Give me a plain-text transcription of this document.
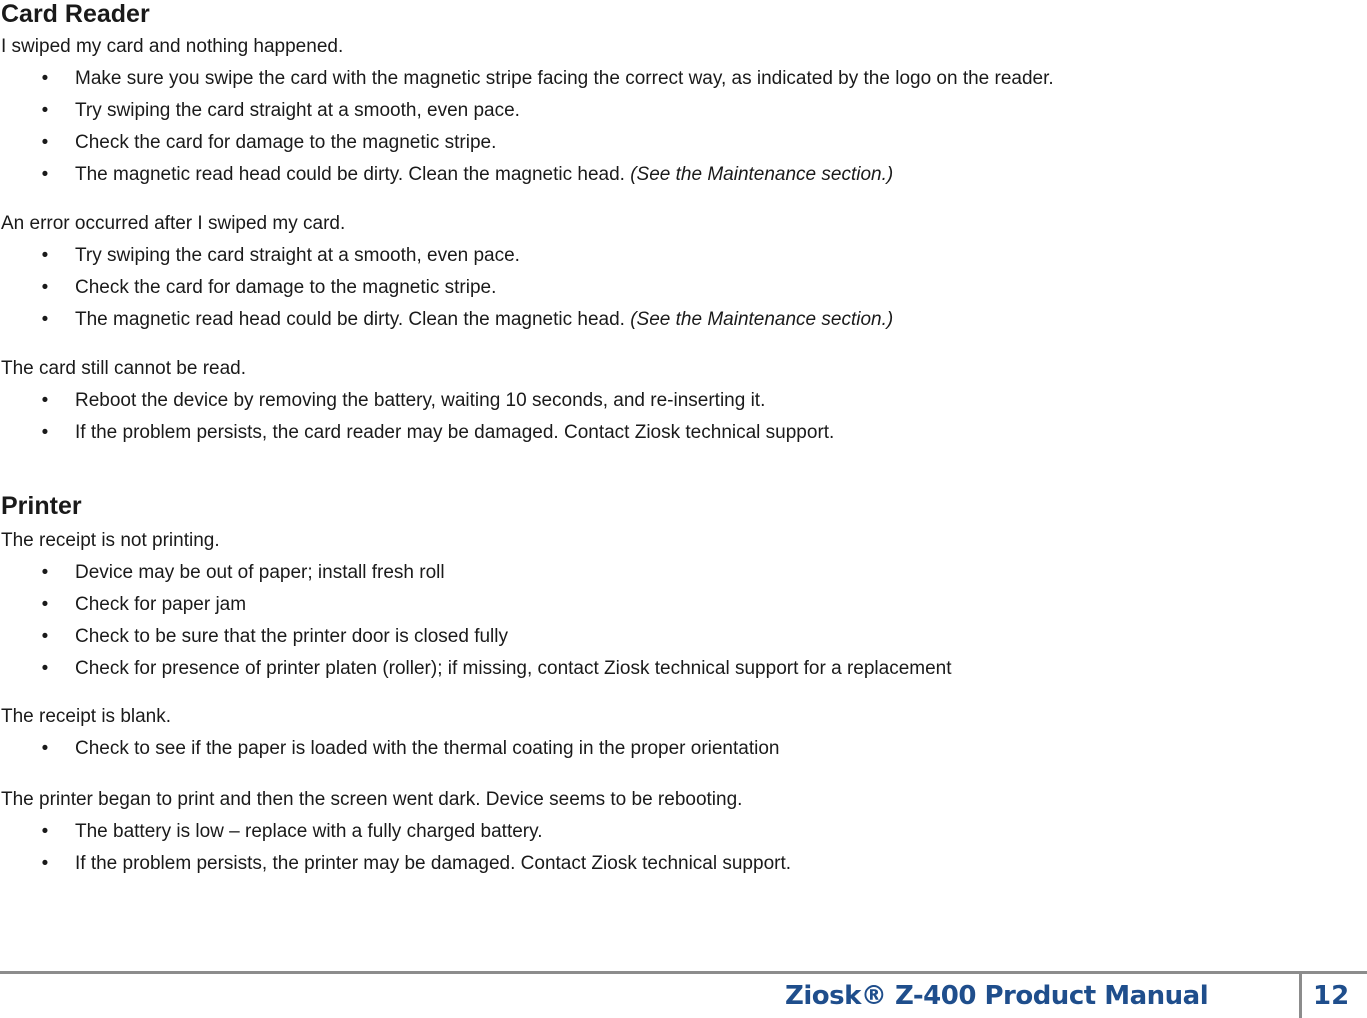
Card Reader

I swiped my card and nothing happened.

• Make sure you swipe the card with the magnetic stripe facing the correct way, as indicated by the logo on the reader.
• Try swiping the card straight at a smooth, even pace.
• Check the card for damage to the magnetic stripe.
• The magnetic read head could be dirty. Clean the magnetic head. (See the Maintenance section.)

An error occurred after I swiped my card.

• Try swiping the card straight at a smooth, even pace.
• Check the card for damage to the magnetic stripe.
• The magnetic read head could be dirty. Clean the magnetic head. (See the Maintenance section.)

The card still cannot be read.

• Reboot the device by removing the battery, waiting 10 seconds, and re-inserting it.
• If the problem persists, the card reader may be damaged. Contact Ziosk technical support.
Printer

The receipt is not printing.

• Device may be out of paper; install fresh roll
• Check for paper jam
• Check to be sure that the printer door is closed fully
• Check for presence of printer platen (roller); if missing, contact Ziosk technical support for a replacement

The receipt is blank.

• Check to see if the paper is loaded with the thermal coating in the proper orientation

The printer began to print and then the screen went dark. Device seems to be rebooting.

• The battery is low – replace with a fully charged battery.
• If the problem persists, the printer may be damaged. Contact Ziosk technical support.
Ziosk® Z-400 Product Manual	12
